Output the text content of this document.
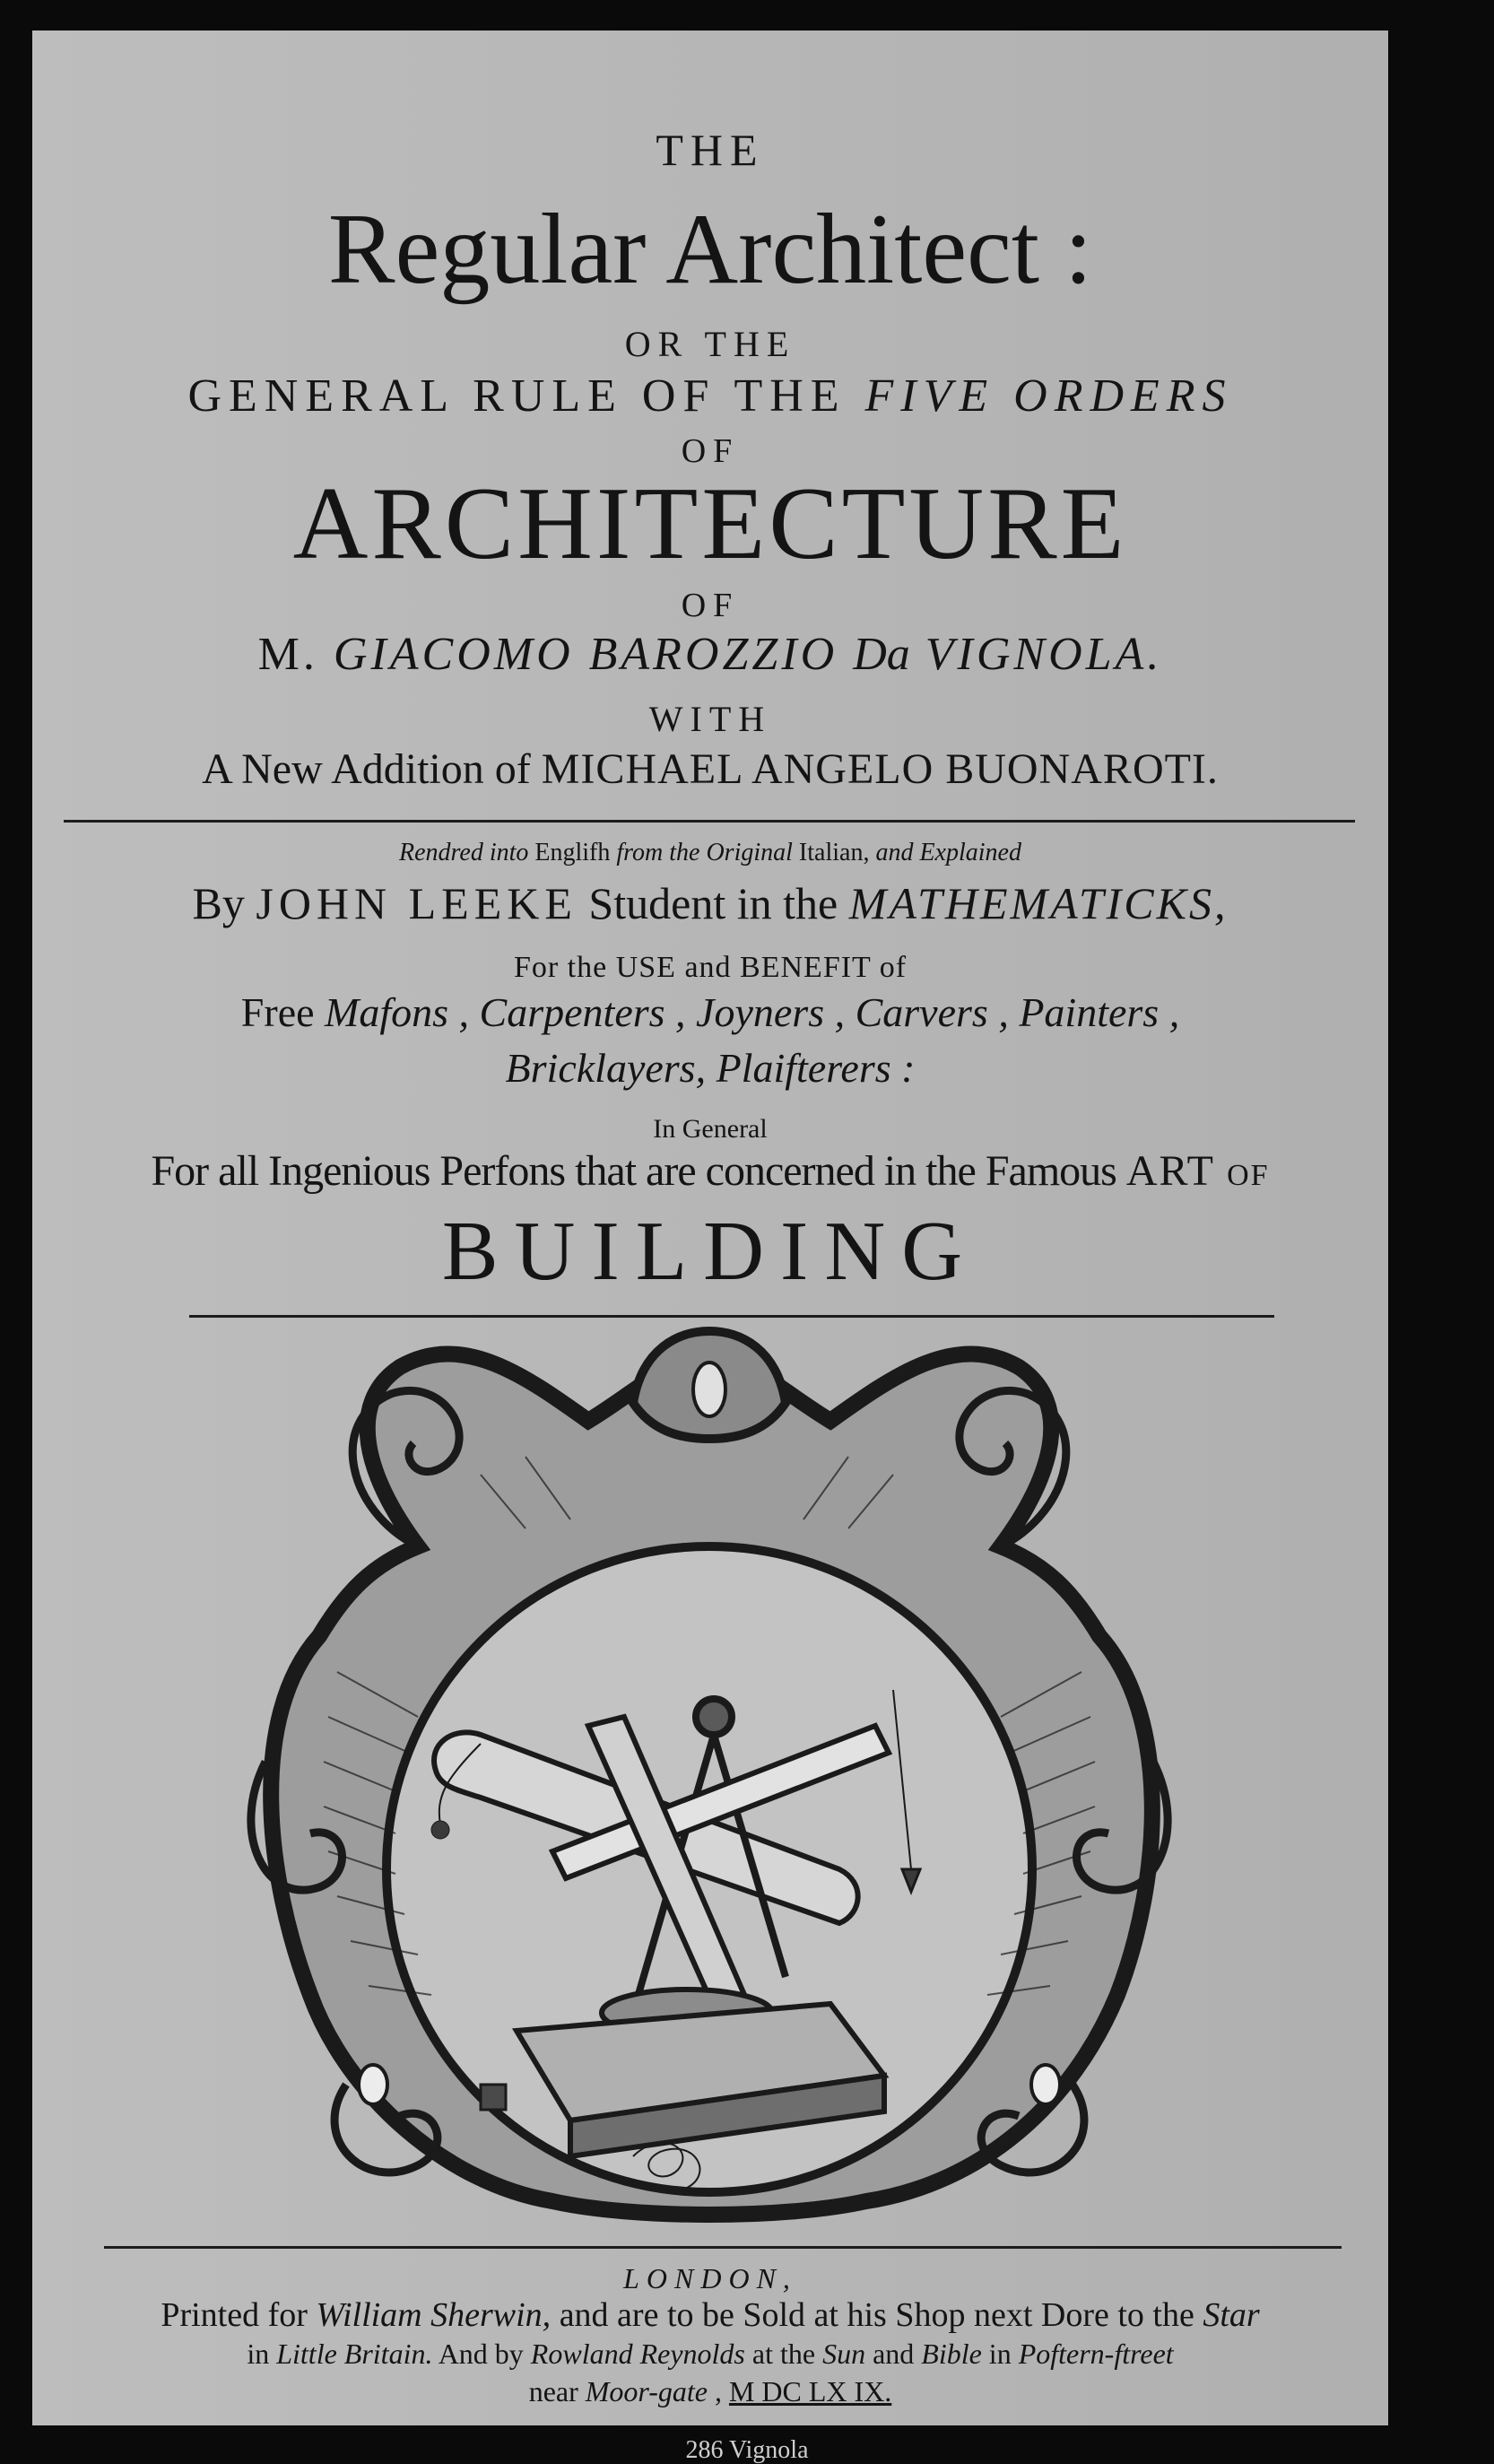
THE
Regular Architect :
OR THE
GENERAL RULE OF THE FIVE ORDERS
OF
ARCHITECTURE
OF
M. GIACOMO BAROZZIO Da VIGNOLA.
WITH
A New Addition of MICHAEL ANGELO BUONAROTI.
Rendred into Englifh from the Original Italian, and Explained
By JOHN LEEKE Student in the MATHEMATICKS,
For the USE and BENEFIT of
Free Mafons , Carpenters , Joyners , Carvers , Painters ,
Bricklayers, Plaifterers :
In General
For all Ingenious Perfons that are concerned in the Famous ART of
BUILDING
LONDON,
Printed for William Sherwin, and are to be Sold at his Shop next Dore to the Star
in Little Britain. And by Rowland Reynolds at the Sun and Bible in Poftern-ftreet
near Moor-gate , M DC LX IX.
286 Vignola
